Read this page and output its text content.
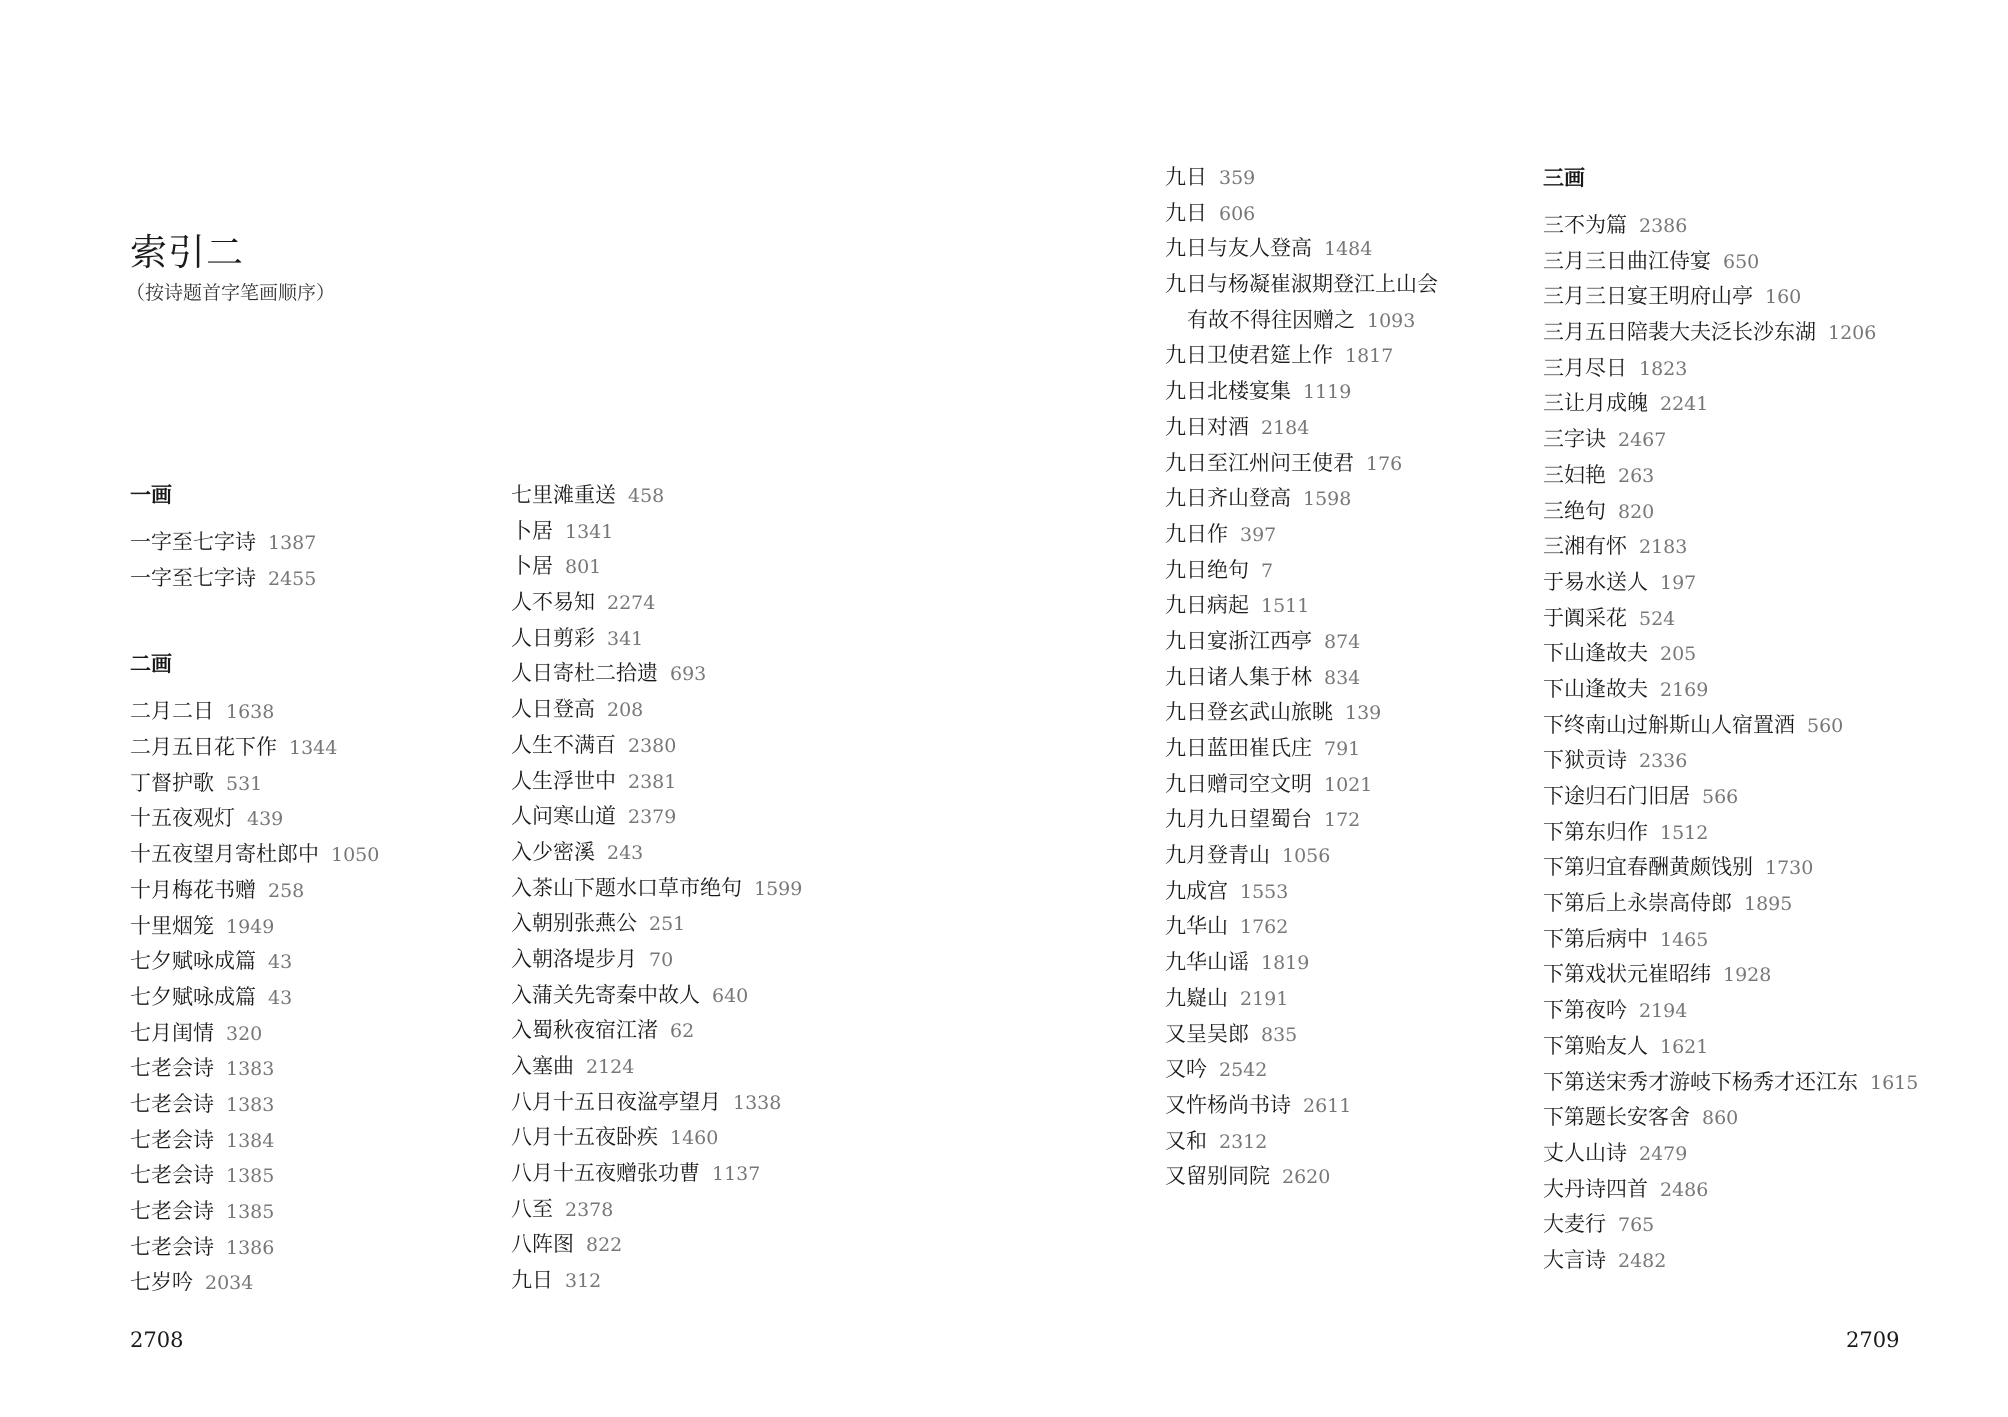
索引二
（按诗题首字笔画顺序）
一画
一字至七字诗 1387
一字至七字诗 2455
二画
二月二日 1638
二月五日花下作 1344
丁督护歌 531
十五夜观灯 439
十五夜望月寄杜郎中 1050
十月梅花书赠 258
十里烟笼 1949
七夕赋咏成篇 43
七夕赋咏成篇 43
七月闺情 320
七老会诗 1383
七老会诗 1383
七老会诗 1384
七老会诗 1385
七老会诗 1385
七老会诗 1386
七岁吟 2034
七里滩重送 458
卜居 1341
卜居 801
人不易知 2274
人日剪彩 341
人日寄杜二拾遗 693
人日登高 208
人生不满百 2380
人生浮世中 2381
人问寒山道 2379
入少密溪 243
入茶山下题水口草市绝句 1599
入朝别张燕公 251
入朝洛堤步月 70
入蒲关先寄秦中故人 640
入蜀秋夜宿江渚 62
入塞曲 2124
八月十五日夜湓亭望月 1338
八月十五夜卧疾 1460
八月十五夜赠张功曹 1137
八至 2378
八阵图 822
九日 312
九日 359
九日 606
九日与友人登高 1484
九日与杨凝崔淑期登江上山会
有故不得往因赠之 1093
九日卫使君筵上作 1817
九日北楼宴集 1119
九日对酒 2184
九日至江州问王使君 176
九日齐山登高 1598
九日作 397
九日绝句 7
九日病起 1511
九日宴浙江西亭 874
九日诸人集于林 834
九日登玄武山旅眺 139
九日蓝田崔氏庄 791
九日赠司空文明 1021
九月九日望蜀台 172
九月登青山 1056
九成宫 1553
九华山 1762
九华山谣 1819
九嶷山 2191
又呈吴郎 835
又吟 2542
又忤杨尚书诗 2611
又和 2312
又留别同院 2620
三画
三不为篇 2386
三月三日曲江侍宴 650
三月三日宴王明府山亭 160
三月五日陪裴大夫泛长沙东湖 1206
三月尽日 1823
三让月成魄 2241
三字诀 2467
三妇艳 263
三绝句 820
三湘有怀 2183
于易水送人 197
于阗采花 524
下山逢故夫 205
下山逢故夫 2169
下终南山过斛斯山人宿置酒 560
下狱贡诗 2336
下途归石门旧居 566
下第东归作 1512
下第归宜春酬黄颇饯别 1730
下第后上永崇高侍郎 1895
下第后病中 1465
下第戏状元崔昭纬 1928
下第夜吟 2194
下第贻友人 1621
下第送宋秀才游岐下杨秀才还江东 1615
下第题长安客舍 860
丈人山诗 2479
大丹诗四首 2486
大麦行 765
大言诗 2482
2708	2709
